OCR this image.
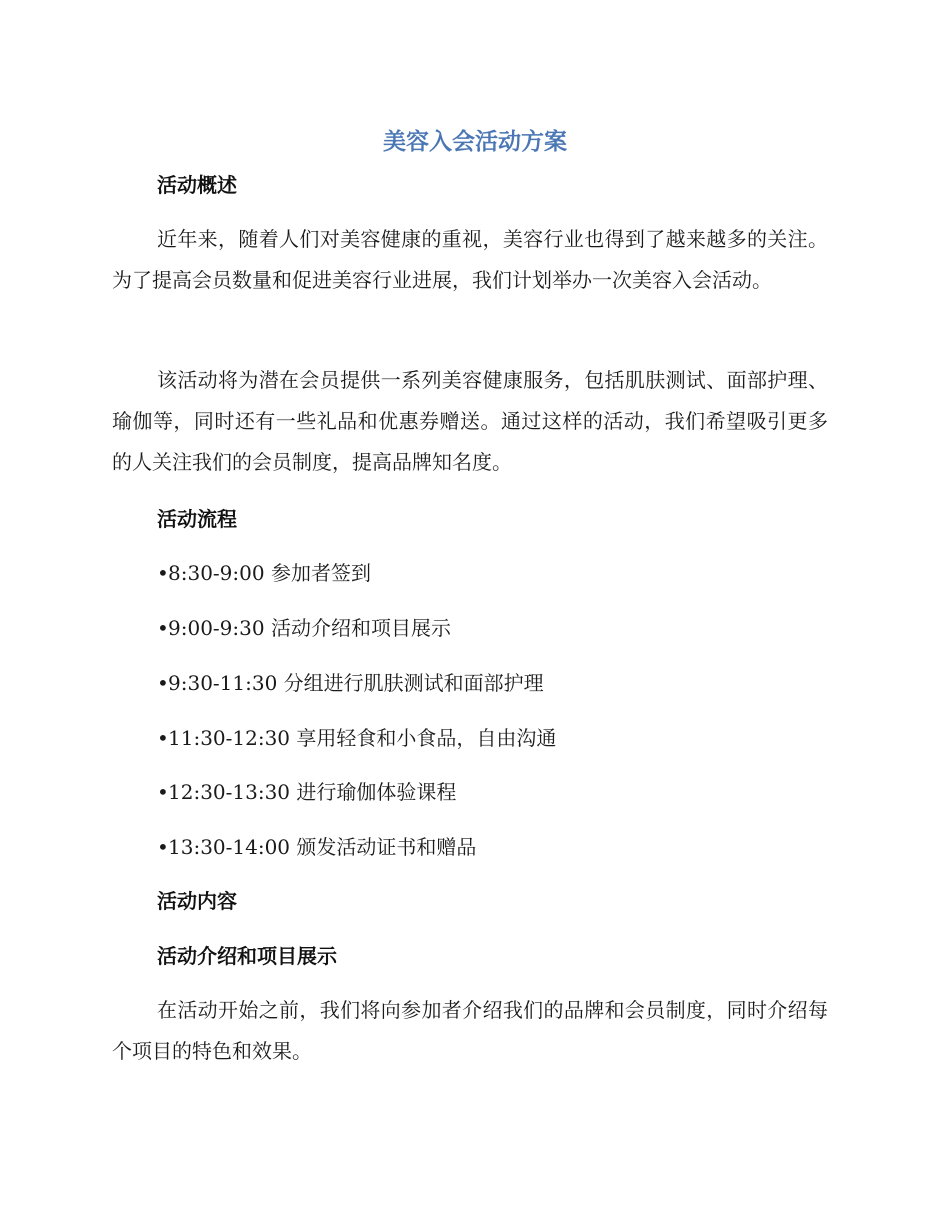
美容入会活动方案
活动概述

近年来，随着人们对美容健康的重视，美容行业也得到了越来越多的关注。为了提高会员数量和促进美容行业进展，我们计划举办一次美容入会活动。

该活动将为潜在会员提供一系列美容健康服务，包括肌肤测试、面部护理、瑜伽等，同时还有一些礼品和优惠券赠送。通过这样的活动，我们希望吸引更多的人关注我们的会员制度，提高品牌知名度。

活动流程

•8:30-9:00 参加者签到

•9:00-9:30 活动介绍和项目展示

•9:30-11:30 分组进行肌肤测试和面部护理

•11:30-12:30 享用轻食和小食品，自由沟通

•12:30-13:30 进行瑜伽体验课程

•13:30-14:00 颁发活动证书和赠品

活动内容
活动介绍和项目展示

在活动开始之前，我们将向参加者介绍我们的品牌和会员制度，同时介绍每个项目的特色和效果。
